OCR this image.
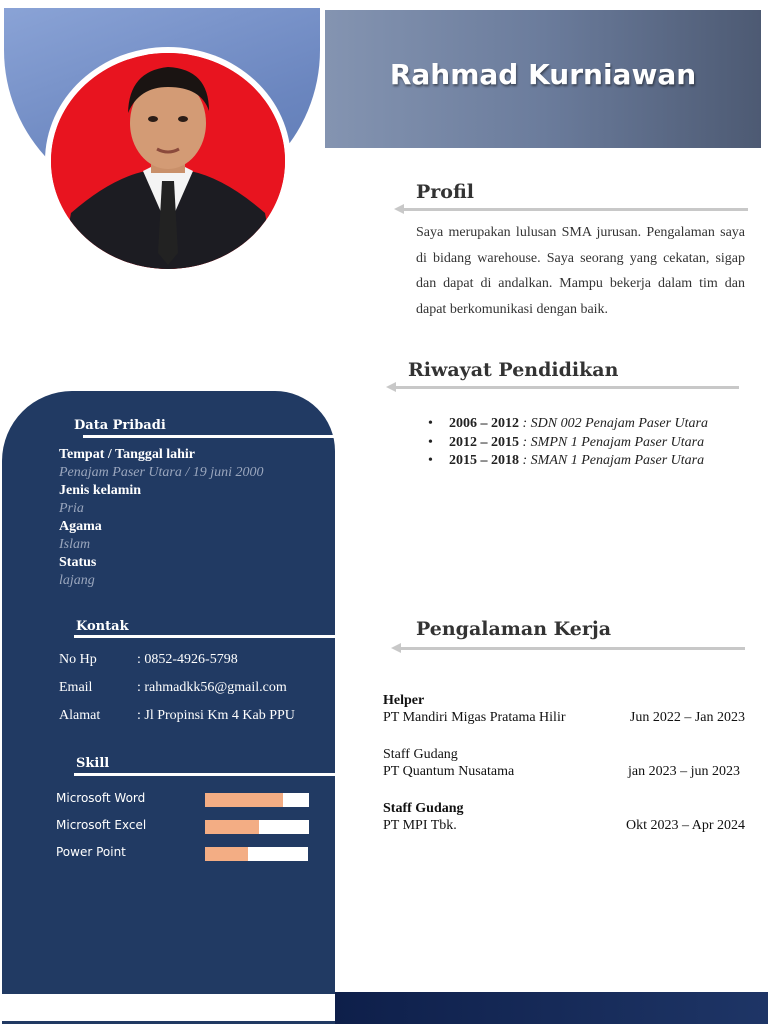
Rahmad Kurniawan
Profil
Saya merupakan lulusan SMA jurusan. Pengalaman saya di bidang warehouse. Saya seorang yang cekatan, sigap dan dapat di andalkan. Mampu bekerja dalam tim dan dapat berkomunikasi dengan baik.
Riwayat Pendidikan
• 2006 – 2012 : SDN 002 Penajam Paser Utara
• 2012 – 2015 : SMPN 1 Penajam Paser Utara
• 2015 – 2018 : SMAN 1 Penajam Paser Utara
Pengalaman Kerja
Helper
PT Mandiri Migas Pratama Hilir	Jun 2022 – Jan 2023
Staff Gudang
PT Quantum Nusatama	jan 2023 – jun 2023
Staff Gudang
PT MPI Tbk.	Okt 2023 – Apr 2024
Data Pribadi
Tempat / Tanggal lahir
Penajam Paser Utara / 19 juni 2000
Jenis kelamin
Pria
Agama
Islam
Status
lajang
Kontak
No Hp	: 0852-4926-5798
Email	: rahmadkk56@gmail.com
Alamat	: Jl Propinsi Km 4 Kab PPU
Skill
Microsoft Word
Microsoft Excel
Power Point
